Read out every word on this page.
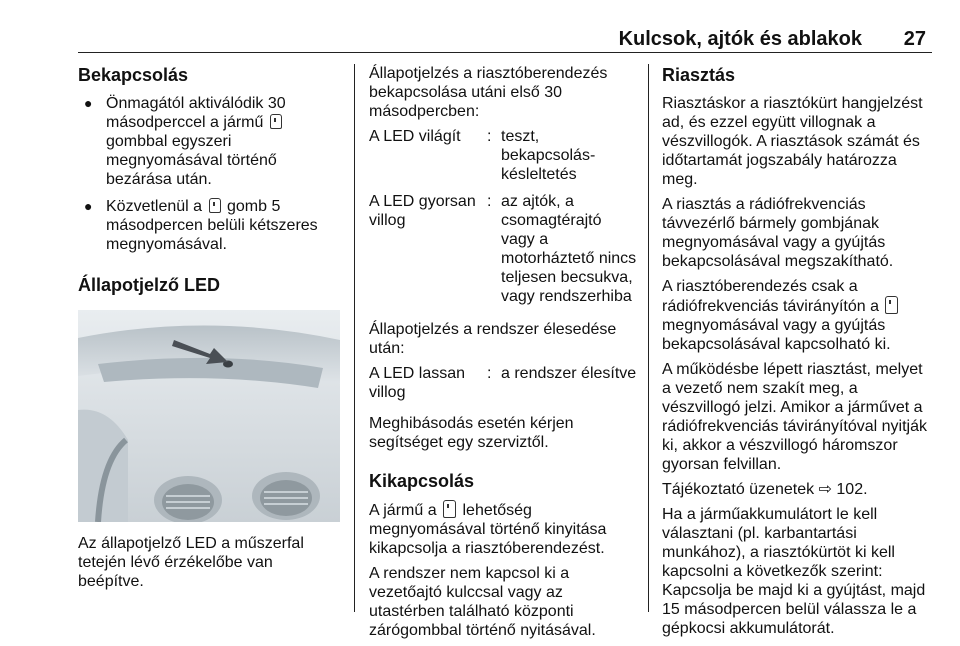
Kulcsok, ajtók és ablakok 27
Bekapcsolás
● Önmagától aktiválódik 30 másodperccel a jármű  gombbal egyszeri megnyomásával történő bezárása után.
● Közvetlenül a gomb 5 másodpercen belüli kétszeres megnyomásával.
Állapotjelző LED

Az állapotjelző LED a műszerfal tetején lévő érzékelőbe van beépítve.

Állapotjelzés a riasztóberendezés bekapcsolása utáni első 30 másodpercben:

A LED világít	:	teszt, bekapcsolás-késleltetés
A LED gyorsan villog	:	az ajtók, a csomagtérajtó vagy a motorháztető nincs teljesen becsukva, vagy rendszerhiba

Állapotjelzés a rendszer élesedése után:

A LED lassan villog	:	a rendszer élesítve

Meghibásodás esetén kérjen segítséget egy szerviztől.

Kikapcsolás

A jármű a lehetőség megnyomásával történő kinyitása kikapcsolja a riasztóberendezést.

A rendszer nem kapcsol ki a vezetőajtó kulccsal vagy az utastérben található központi zárógombbal történő nyitásával.

Riasztás

Riasztáskor a riasztókürt hangjelzést ad, és ezzel együtt villognak a vészvillogók. A riasztások számát és időtartamát jogszabály határozza meg.

A riasztás a rádiófrekvenciás távvezérlő bármely gombjának megnyomásával vagy a gyújtás bekapcsolásával megszakítható.

A riasztóberendezés csak a rádiófrekvenciás távirányítón a  megnyomásával vagy a gyújtás bekapcsolásával kapcsolható ki.

A működésbe lépett riasztást, melyet a vezető nem szakít meg, a vészvillogó jelzi. Amikor a járművet a rádiófrekvenciás távirányítóval nyitják ki, akkor a vészvillogó háromszor gyorsan felvillan.

Tájékoztató üzenetek ⇨ 102.

Ha a járműakkumulátort le kell választani (pl. karbantartási munkához), a riasztókürtöt ki kell kapcsolni a következők szerint: Kapcsolja be majd ki a gyújtást, majd 15 másodpercen belül válassza le a gépkocsi akkumulátorát.
